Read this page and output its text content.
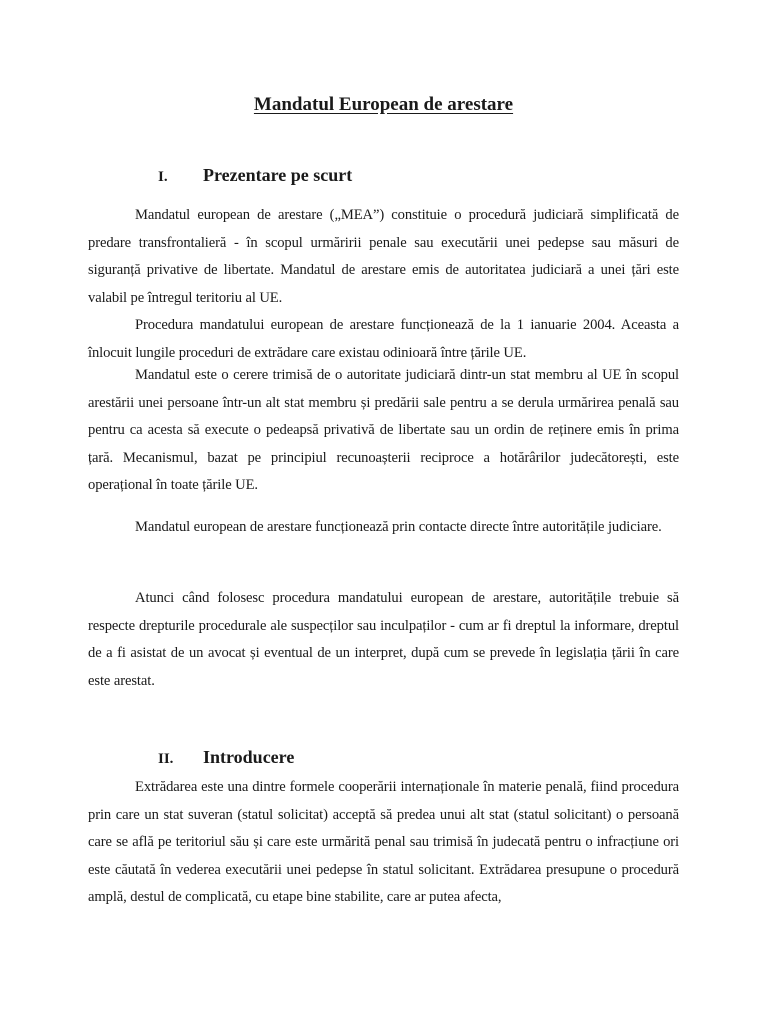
Mandatul European de arestare
I. Prezentare pe scurt

Mandatul european de arestare („MEA”) constituie o procedură judiciară simplificată de predare transfrontalieră - în scopul urmăririi penale sau executării unei pedepse sau măsuri de siguranță privative de libertate. Mandatul de arestare emis de autoritatea judiciară a unei țări este valabil pe întregul teritoriu al UE.

Procedura mandatului european de arestare funcționează de la 1 ianuarie 2004. Aceasta a înlocuit lungile proceduri de extrădare care existau odinioară între țările UE.

Mandatul este o cerere trimisă de o autoritate judiciară dintr-un stat membru al UE în scopul arestării unei persoane într-un alt stat membru și predării sale pentru a se derula urmărirea penală sau pentru ca acesta să execute o pedeapsă privativă de libertate sau un ordin de reținere emis în prima țară. Mecanismul, bazat pe principiul recunoașterii reciproce a hotărârilor judecătorești, este operațional în toate țările UE.

Mandatul european de arestare funcționează prin contacte directe între autoritățile judiciare.

Atunci când folosesc procedura mandatului european de arestare, autoritățile trebuie să respecte drepturile procedurale ale suspecților sau inculpaților - cum ar fi dreptul la informare, dreptul de a fi asistat de un avocat și eventual de un interpret, după cum se prevede în legislația țării în care este arestat.

II. Introducere

Extrădarea este una dintre formele cooperării internaționale în materie penală, fiind procedura prin care un stat suveran (statul solicitat) acceptă să predea unui alt stat (statul solicitant) o persoană care se află pe teritoriul său și care este urmărită penal sau trimisă în judecată pentru o infracțiune ori este căutată în vederea executării unei pedepse în statul solicitant. Extrădarea presupune o procedură amplă, destul de complicată, cu etape bine stabilite, care ar putea afecta,
